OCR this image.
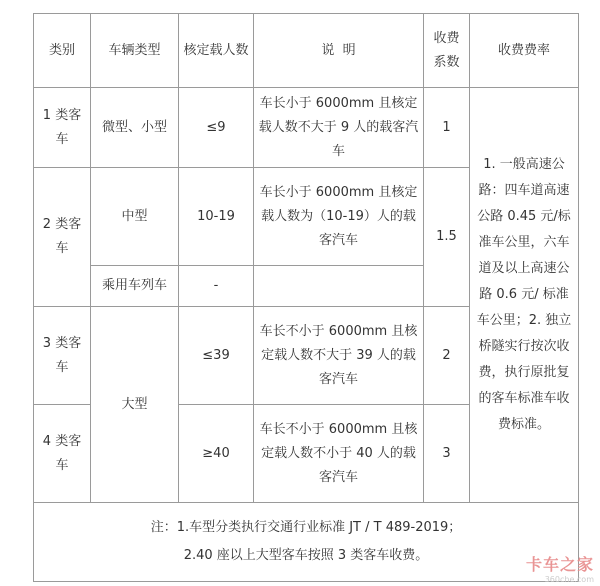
类别	车辆类型	核定载人数	说  明	收费系数	收费费率
1 类客车	微型、小型	≤9	车长小于 6000mm 且核定载人数不大于 9 人的载客汽车	1	1. 一般高速公路：四车道高速公路 0.45 元/标准车公里，六车道及以上高速公路 0.6 元/ 标准车公里；2. 独立桥隧实行按次收费，执行原批复的客车标准车收费标准。
2 类客车	中型	10-19	车长小于 6000mm 且核定载人数为（10-19）人的载客汽车	1.5	
	乘用车列车	-			
3 类客车	大型	≤39	车长不小于 6000mm 且核定载人数不大于 39 人的载客汽车	2	
4 类客车		≥40	车长不小于 6000mm 且核定载人数不小于 40 人的载客汽车	3	

注：1.车型分类执行交通行业标准 JT / T 489-2019；
2.40 座以上大型客车按照 3 类客车收费。						卡车之家
360che.com
